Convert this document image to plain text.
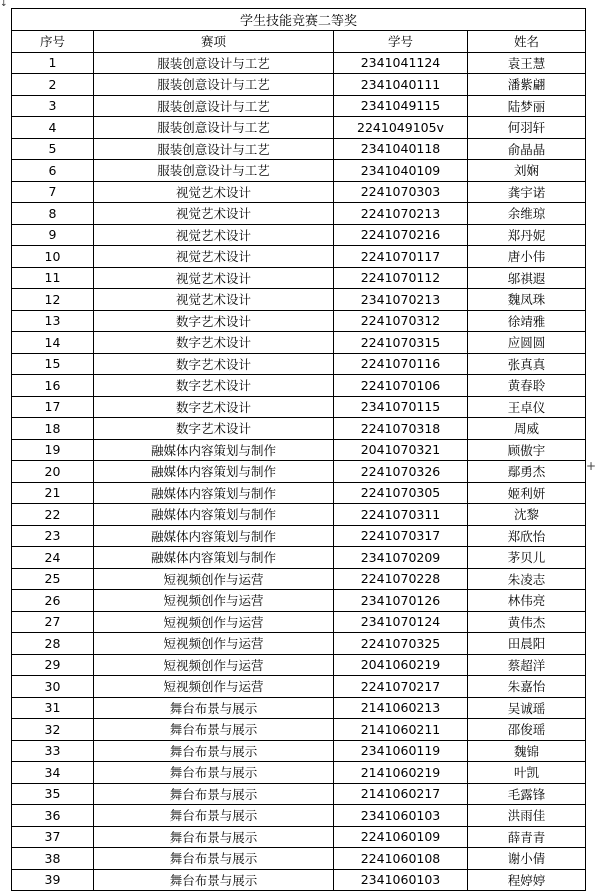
↓
学生技能竞赛二等奖			
序号	赛项	学号	姓名
1	服装创意设计与工艺	2341041124	袁王慧
2	服装创意设计与工艺	2341040111	潘紫翩
3	服装创意设计与工艺	2341049115	陆梦丽
4	服装创意设计与工艺	2241049105v	何羽轩
5	服装创意设计与工艺	2341040118	俞晶晶
6	服装创意设计与工艺	2341040109	刘娴
7	视觉艺术设计	2241070303	龚宇诺
8	视觉艺术设计	2241070213	余维琼
9	视觉艺术设计	2241070216	郑丹妮
10	视觉艺术设计	2241070117	唐小伟
11	视觉艺术设计	2241070112	邬祺遐
12	视觉艺术设计	2341070213	魏凤珠
13	数字艺术设计	2241070312	徐靖雅
14	数字艺术设计	2241070315	应圆圆
15	数字艺术设计	2241070116	张真真
16	数字艺术设计	2241070106	黄春聆
17	数字艺术设计	2341070115	王卓仪
18	数字艺术设计	2241070318	周威
19	融媒体内容策划与制作	2041070321	顾傲宇
20	融媒体内容策划与制作	2241070326	鄢勇杰
21	融媒体内容策划与制作	2241070305	姬利妍
22	融媒体内容策划与制作	2241070311	沈黎
23	融媒体内容策划与制作	2241070317	郑欣怡
24	融媒体内容策划与制作	2341070209	茅贝儿
25	短视频创作与运营	2241070228	朱凌志
26	短视频创作与运营	2341070126	林伟亮
27	短视频创作与运营	2341070124	黄伟杰
28	短视频创作与运营	2241070325	田晨阳
29	短视频创作与运营	2041060219	蔡超洋
30	短视频创作与运营	2241070217	朱嘉怡
31	舞台布景与展示	2141060213	吴诚瑶
32	舞台布景与展示	2141060211	邵俊瑶
33	舞台布景与展示	2341060119	魏锦
34	舞台布景与展示	2141060219	叶凯
35	舞台布景与展示	2141060217	毛露锋
36	舞台布景与展示	2341060103	洪雨佳
37	舞台布景与展示	2241060109	薛青青
38	舞台布景与展示	2241060108	谢小倩
39	舞台布景与展示	2341060103	程婷婷
+
